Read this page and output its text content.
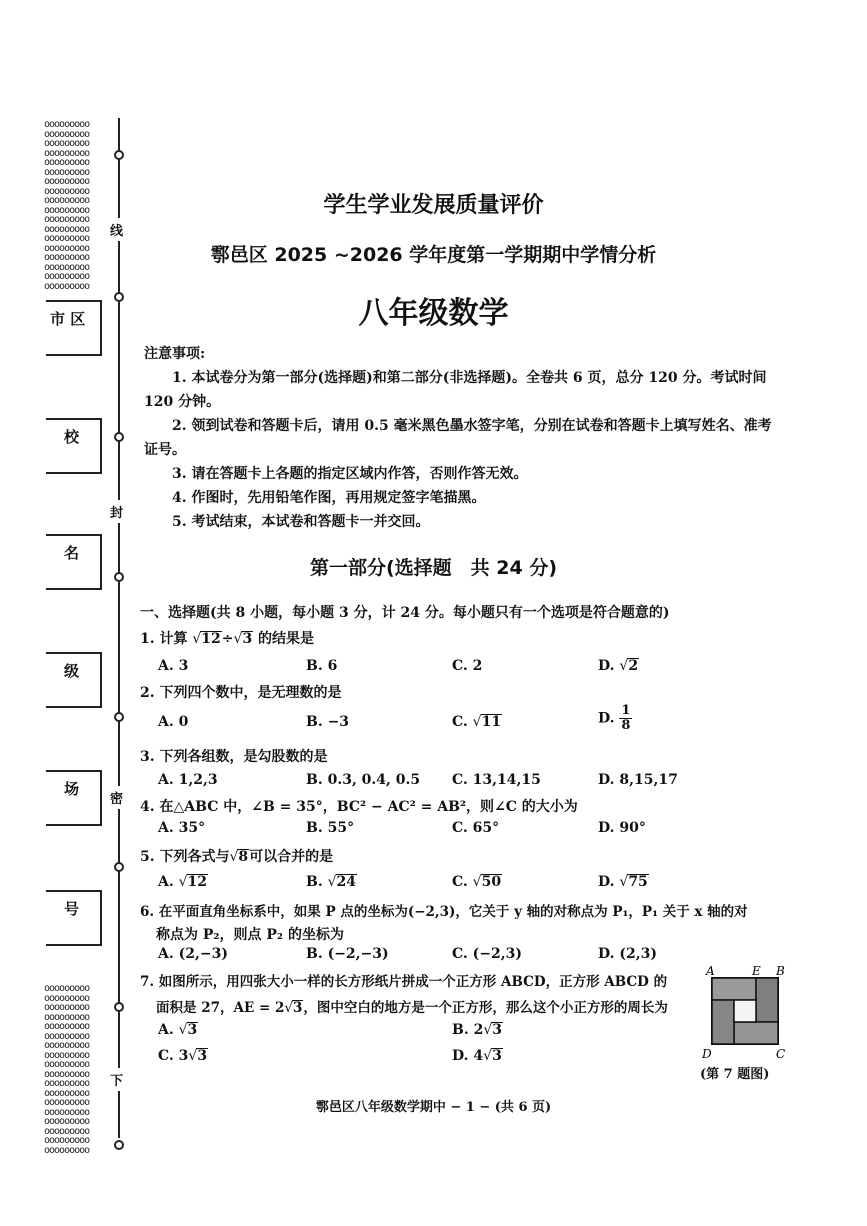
ooooooooo
ooooooooo
ooooooooo
ooooooooo
ooooooooo
ooooooooo
ooooooooo
ooooooooo
ooooooooo
ooooooooo
ooooooooo
ooooooooo
ooooooooo
ooooooooo
ooooooooo
ooooooooo
ooooooooo
ooooooooo
ooooooooo
ooooooooo
ooooooooo
ooooooooo
ooooooooo
ooooooooo
ooooooooo
ooooooooo
ooooooooo
ooooooooo
ooooooooo
ooooooooo
ooooooooo
ooooooooo
ooooooooo
ooooooooo
ooooooooo
ooooooooo
线
封
密
下
市 区
校
名
级
场
号
学生学业发展质量评价
鄠邑区 2025 ~2026 学年度第一学期期中学情分析
八年级数学

注意事项:

1. 本试卷分为第一部分(选择题)和第二部分(非选择题)。全卷共 6 页，总分 120 分。考试时间 120 分钟。

2. 领到试卷和答题卡后，请用 0.5 毫米黑色墨水签字笔，分别在试卷和答题卡上填写姓名、准考证号。

3. 请在答题卡上各题的指定区域内作答，否则作答无效。

4. 作图时，先用铅笔作图，再用规定签字笔描黑。

5. 考试结束，本试卷和答题卡一并交回。

第一部分(选择题　共 24 分)
一、选择题(共 8 小题，每小题 3 分，计 24 分。每小题只有一个选项是符合题意的)
1. 计算 √ 12÷ √ 3 的结果是
A. 3	B. 6	C. 2	D. √ 2
2. 下列四个数中，是无理数的是
A. 0	B. −3	C. √ 11	D. $\frac{1}{8}$
3. 下列各组数，是勾股数的是
A. 1,2,3	B. 0.3, 0.4, 0.5 C. 13,14,15	D. 8,15,17
4. 在△ABC 中，∠B = 35°，BC² − AC² = AB²，则∠C 的大小为
A. 35°	B. 55°	C. 65°	D. 90°
5. 下列各式与 √ 8可以合并的是
A. √ 12	B. √ 24	C. √ 50	D. √ 75
6. 在平面直角坐标系中，如果 P 点的坐标为(−2,3)，它关于 y 轴的对称点为 P₁，P₁ 关于 x 轴的对
称点为 P₂，则点 P₂ 的坐标为
A. (2,−3)	B. (−2,−3)	C. (−2,3)	D. (2,3)
7. 如图所示，用四张大小一样的长方形纸片拼成一个正方形 ABCD，正方形 ABCD 的
面积是 27，AE = 2 √ 3，图中空白的地方是一个正方形，那么这个小正方形的周长为
A. √ 3	B. 2 √ 3
C. 3 √ 3	D. 4 √ 3
A	E B
D	C
(第 7 题图)
鄠邑区八年级数学期中 − 1 − (共 6 页)
